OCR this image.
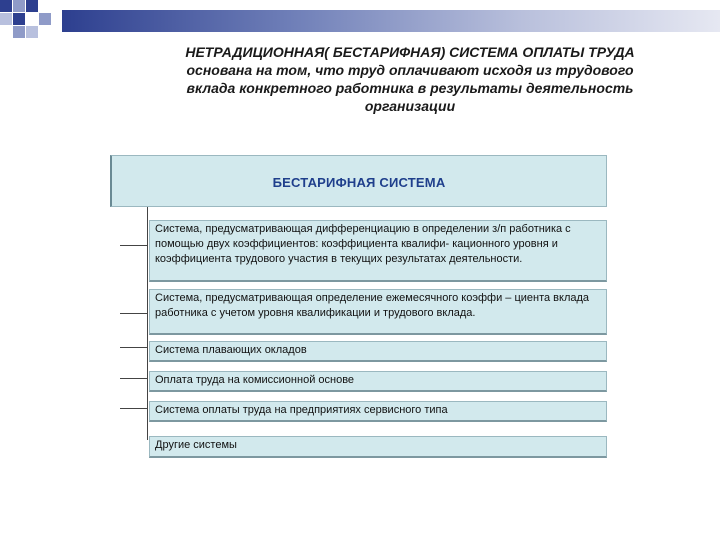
НЕТРАДИЦИОННАЯ( БЕСТАРИФНАЯ) СИСТЕМА ОПЛАТЫ ТРУДА
основана на том, что труд оплачивают исходя из трудового
вклада конкретного работника в результаты деятельность
организации
БЕСТАРИФНАЯ СИСТЕМА
Система, предусматривающая дифференциацию в определении з/п работника с помощью двух коэффициентов: коэффициента квалифи- кационного уровня и коэффициента трудового участия в текущих результатах деятельности.
Система, предусматривающая определение ежемесячного коэффи – циента вклада работника с учетом уровня квалификации и трудового вклада.
Система плавающих окладов
Оплата труда на комиссионной основе
Система оплаты труда на предприятиях сервисного типа
Другие системы
